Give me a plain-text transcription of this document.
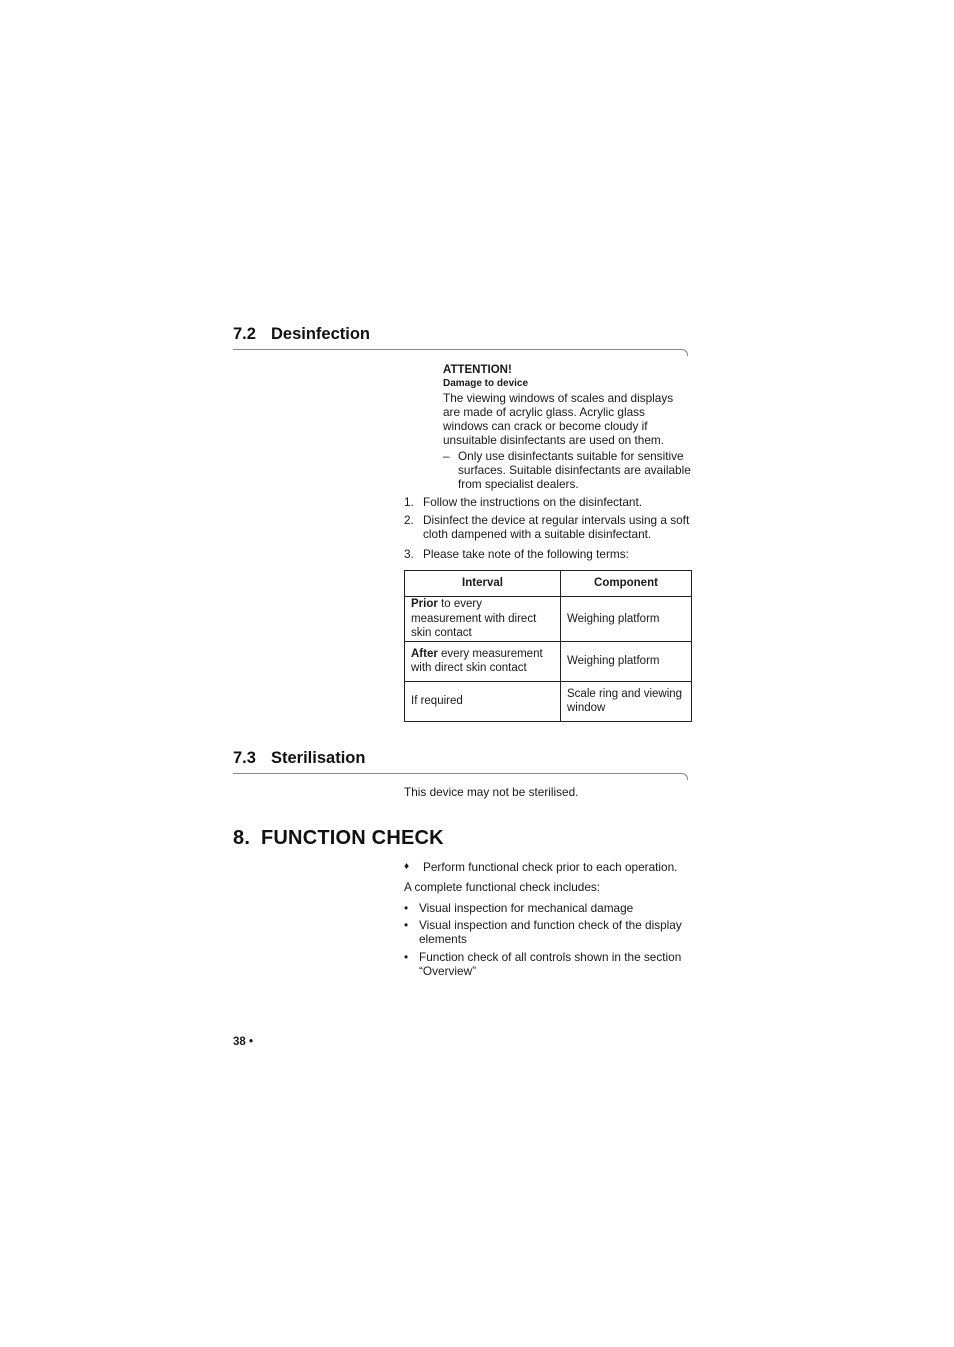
7.2 Desinfection
ATTENTION!
Damage to device
The viewing windows of scales and displays are made of acrylic glass. Acrylic glass windows can crack or become cloudy if unsuitable disinfectants are used on them.
– Only use disinfectants suitable for sensitive surfaces. Suitable disinfectants are available from specialist dealers.
1. Follow the instructions on the disinfectant.
2. Disinfect the device at regular intervals using a soft cloth dampened with a suitable disinfectant.
3. Please take note of the following terms:
Interval	Component
Prior to every measurement with direct skin contact	Weighing platform
After every measurement with direct skin contact	Weighing platform
If required	Scale ring and viewing window
7.3 Sterilisation
This device may not be sterilised.
8. FUNCTION CHECK
♦ Perform functional check prior to each operation.
A complete functional check includes:
• Visual inspection for mechanical damage
• Visual inspection and function check of the display elements
• Function check of all controls shown in the section “Overview”
38 •
